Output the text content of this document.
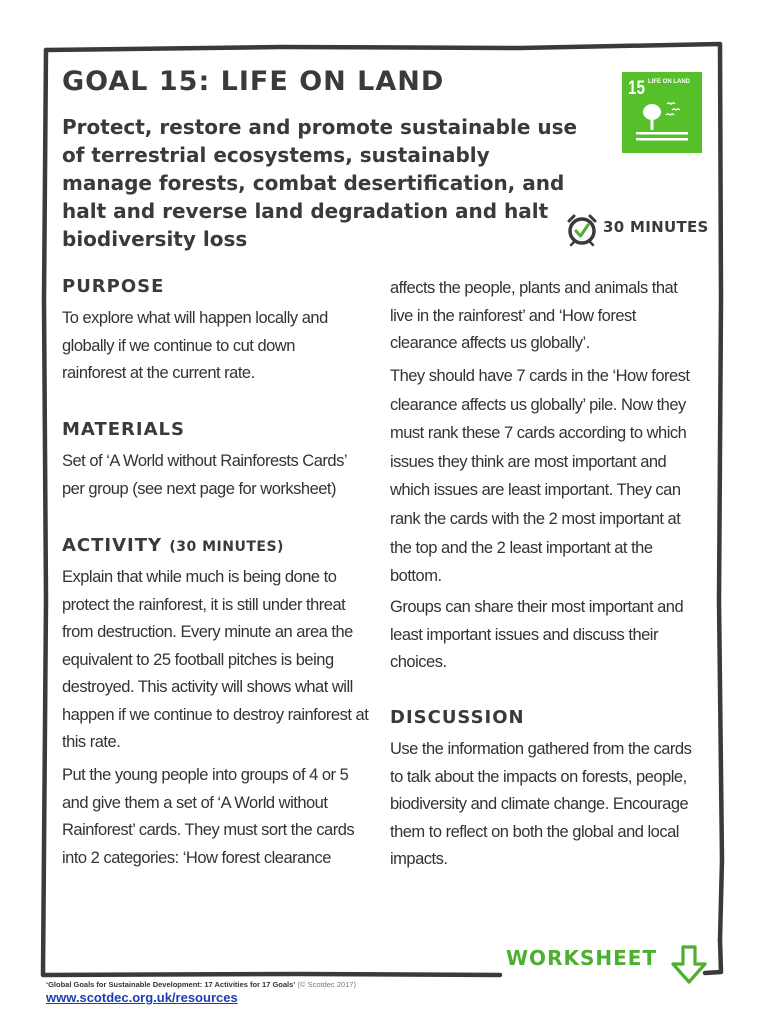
GOAL 15: LIFE ON LAND

Protect, restore and promote sustainable use of terrestrial ecosystems, sustainably manage forests, combat desertification, and halt and reverse land degradation and halt biodiversity loss

15 LIFE ON LAND
30 MINUTES
PURPOSE

To explore what will happen locally and globally if we continue to cut down rainforest at the current rate.

MATERIALS

Set of ‘A World without Rainforests Cards’ per group (see next page for worksheet)

ACTIVITY (30 MINUTES)

Explain that while much is being done to protect the rainforest, it is still under threat from destruction. Every minute an area the equivalent to 25 football pitches is being destroyed. This activity will shows what will happen if we continue to destroy rainforest at this rate.

Put the young people into groups of 4 or 5 and give them a set of ‘A World without Rainforest’ cards. They must sort the cards into 2 categories: ‘How forest clearance

affects the people, plants and animals that live in the rainforest’ and ‘How forest clearance affects us globally’.

They should have 7 cards in the ‘How forest clearance affects us globally’ pile. Now they must rank these 7 cards according to which issues they think are most important and which issues are least important. They can rank the cards with the 2 most important at the top and the 2 least important at the bottom.

Groups can share their most important and least important issues and discuss their choices.

DISCUSSION

Use the information gathered from the cards to talk about the impacts on forests, people, biodiversity and climate change. Encourage them to reflect on both the global and local impacts.

WORKSHEET
‘Global Goals for Sustainable Development: 17 Activities for 17 Goals’ (© Scotdec 2017)
www.scotdec.org.uk/resources
